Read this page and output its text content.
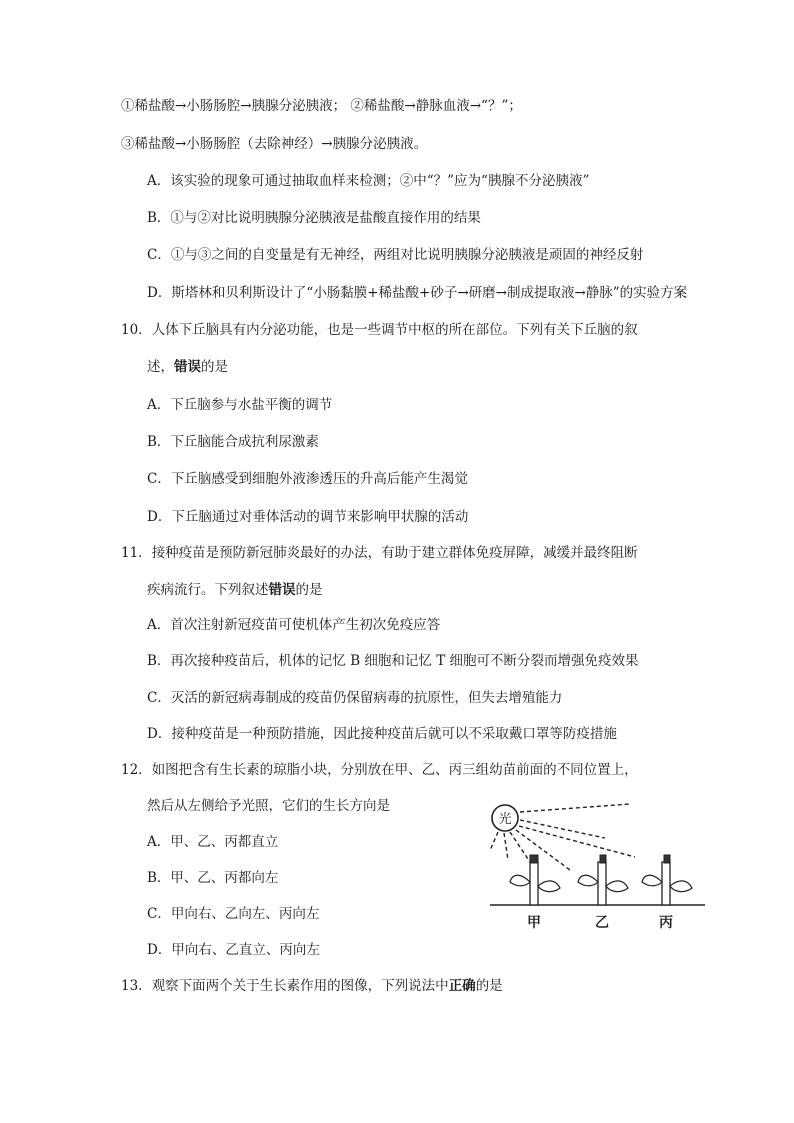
①稀盐酸→小肠肠腔→胰腺分泌胰液； ②稀盐酸→静脉血液→“？”；
③稀盐酸→小肠肠腔（去除神经）→胰腺分泌胰液。
A．该实验的现象可通过抽取血样来检测；②中“？”应为“胰腺不分泌胰液”
B．①与②对比说明胰腺分泌胰液是盐酸直接作用的结果
C．①与③之间的自变量是有无神经，两组对比说明胰腺分泌胰液是顽固的神经反射
D．斯塔林和贝利斯设计了“小肠黏膜+稀盐酸+砂子→研磨→制成提取液→静脉”的实验方案
10．人体下丘脑具有内分泌功能，也是一些调节中枢的所在部位。下列有关下丘脑的叙
述，错误的是
A．下丘脑参与水盐平衡的调节
B．下丘脑能合成抗利尿激素
C．下丘脑感受到细胞外液渗透压的升高后能产生渴觉
D．下丘脑通过对垂体活动的调节来影响甲状腺的活动
11．接种疫苗是预防新冠肺炎最好的办法，有助于建立群体免疫屏障，减缓并最终阻断
疾病流行。下列叙述错误的是
A．首次注射新冠疫苗可使机体产生初次免疫应答
B．再次接种疫苗后，机体的记忆 B 细胞和记忆 T 细胞可不断分裂而增强免疫效果
C．灭活的新冠病毒制成的疫苗仍保留病毒的抗原性，但失去增殖能力
D．接种疫苗是一种预防措施，因此接种疫苗后就可以不采取戴口罩等防疫措施
12．如图把含有生长素的琼脂小块，分别放在甲、乙、丙三组幼苗前面的不同位置上，
然后从左侧给予光照，它们的生长方向是
A．甲、乙、丙都直立
B．甲、乙、丙都向左
C．甲向右、乙向左、丙向左
D．甲向右、乙直立、丙向左
光
甲	乙	丙
13．观察下面两个关于生长素作用的图像，下列说法中正确的是
